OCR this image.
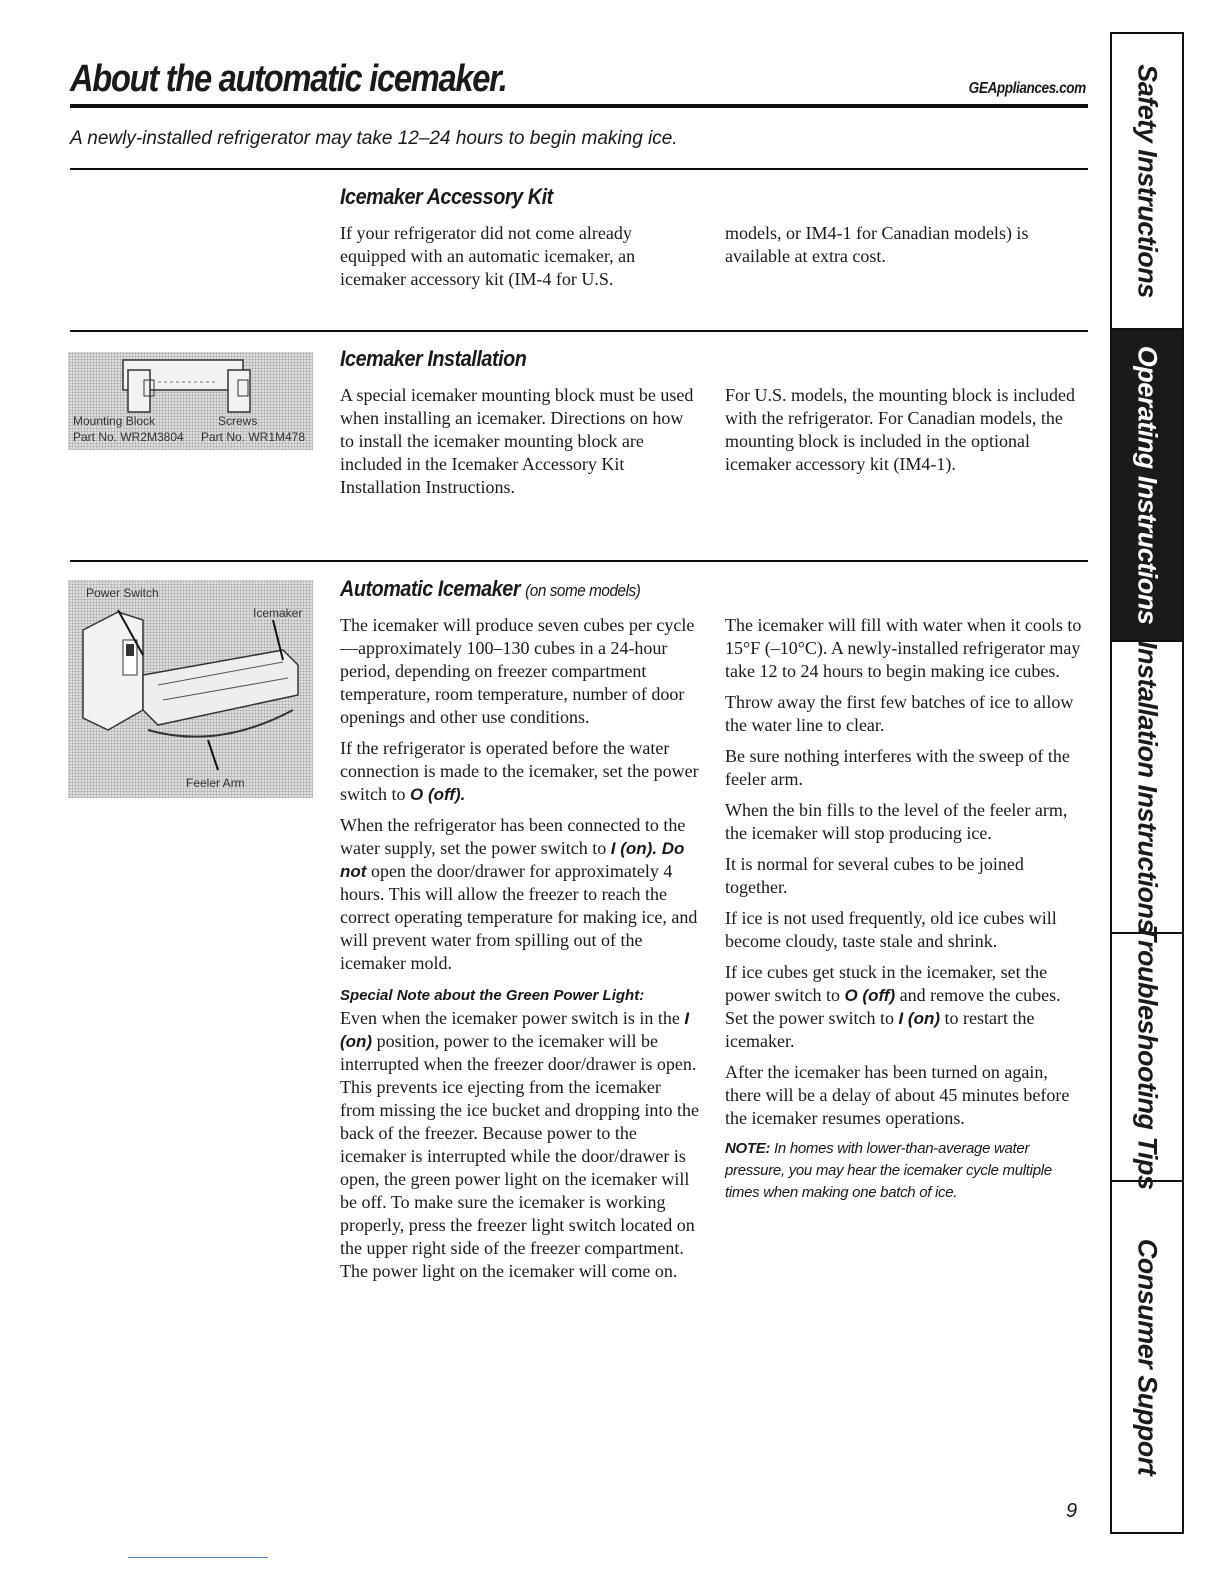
About the automatic icemaker.	GEAppliances.com
A newly-installed refrigerator may take 12–24 hours to begin making ice.
Icemaker Accessory Kit

If your refrigerator did not come already equipped with an automatic icemaker, an icemaker accessory kit (IM-4 for U.S.

models, or IM4-1 for Canadian models) is available at extra cost.

Mounting Block
Part No. WR2M3804
Screws
Part No. WR1M478
Icemaker Installation

A special icemaker mounting block must be used when installing an icemaker. Directions on how to install the icemaker mounting block are included in the Icemaker Accessory Kit Installation Instructions.

For U.S. models, the mounting block is included with the refrigerator. For Canadian models, the mounting block is included in the optional icemaker accessory kit (IM4-1).

Power Switch
Icemaker
Feeler Arm
Automatic Icemaker (on some models)

The icemaker will produce seven cubes per cycle—approximately 100–130 cubes in a 24-hour period, depending on freezer compartment temperature, room temperature, number of door openings and other use conditions.

If the refrigerator is operated before the water connection is made to the icemaker, set the power switch to O (off).

When the refrigerator has been connected to the water supply, set the power switch to I (on). Do not open the door/drawer for approximately 4 hours. This will allow the freezer to reach the correct operating temperature for making ice, and will prevent water from spilling out of the icemaker mold.

Special Note about the Green Power Light:
Even when the icemaker power switch is in the I (on) position, power to the icemaker will be interrupted when the freezer door/drawer is open. This prevents ice ejecting from the icemaker from missing the ice bucket and dropping into the back of the freezer. Because power to the icemaker is interrupted while the door/drawer is open, the green power light on the icemaker will be off. To make sure the icemaker is working properly, press the freezer light switch located on the upper right side of the freezer compartment. The power light on the icemaker will come on.

The icemaker will fill with water when it cools to 15°F (–10°C). A newly-installed refrigerator may take 12 to 24 hours to begin making ice cubes.

Throw away the first few batches of ice to allow the water line to clear.

Be sure nothing interferes with the sweep of the feeler arm.

When the bin fills to the level of the feeler arm, the icemaker will stop producing ice.

It is normal for several cubes to be joined together.

If ice is not used frequently, old ice cubes will become cloudy, taste stale and shrink.

If ice cubes get stuck in the icemaker, set the power switch to O (off) and remove the cubes. Set the power switch to I (on) to restart the icemaker.

After the icemaker has been turned on again, there will be a delay of about 45 minutes before the icemaker resumes operations.

NOTE: In homes with lower-than-average water pressure, you may hear the icemaker cycle multiple times when making one batch of ice.

Safety Instructions
Operating Instructions
Installation Instructions
Troubleshooting Tips
Consumer Support
9
